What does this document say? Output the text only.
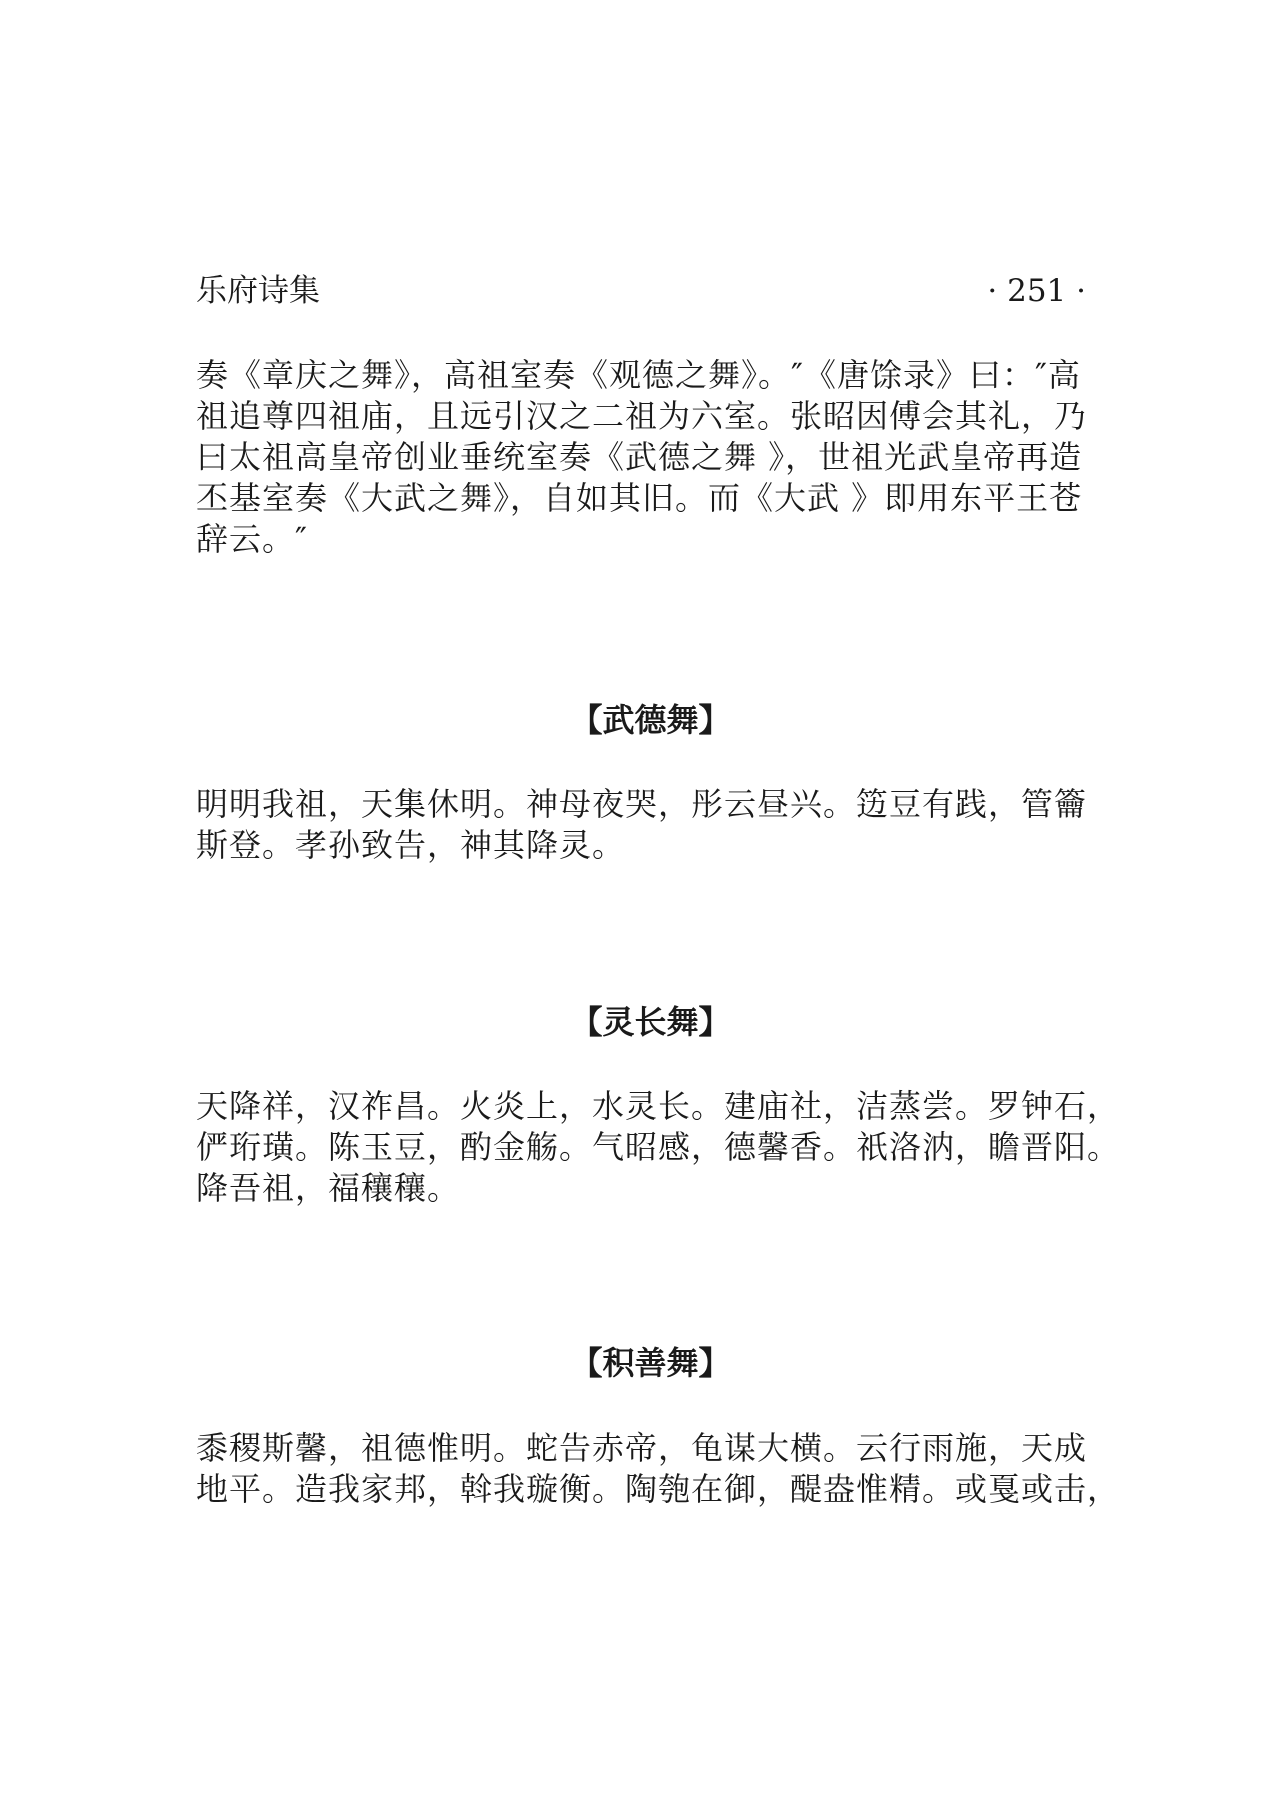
乐府诗集	· 251 ·

奏《章庆之舞》，高祖室奏《观德之舞》。″《唐馀录》曰：″高
祖追尊四祖庙，且远引汉之二祖为六室。张昭因傅会其礼，乃
曰太祖高皇帝创业垂统室奏《武德之舞 》，世祖光武皇帝再造
丕基室奏《大武之舞》，自如其旧。而《大武 》即用东平王苍
辞云。″

【武德舞】

明明我祖，天集休明。神母夜哭，彤云昼兴。笾豆有践，管籥
斯登。孝孙致告，神其降灵。

【灵长舞】

天降祥，汉祚昌。火炎上，水灵长。建庙社，洁蒸尝。罗钟石，
俨珩璜。陈玉豆，酌金觞。气昭感，德馨香。祇洛汭，瞻晋阳。
降吾祖，福穰穰。

【积善舞】

黍稷斯馨，祖德惟明。蛇告赤帝，龟谋大横。云行雨施，天成
地平。造我家邦，斡我璇衡。陶匏在御，醍盎惟精。或戛或击，
